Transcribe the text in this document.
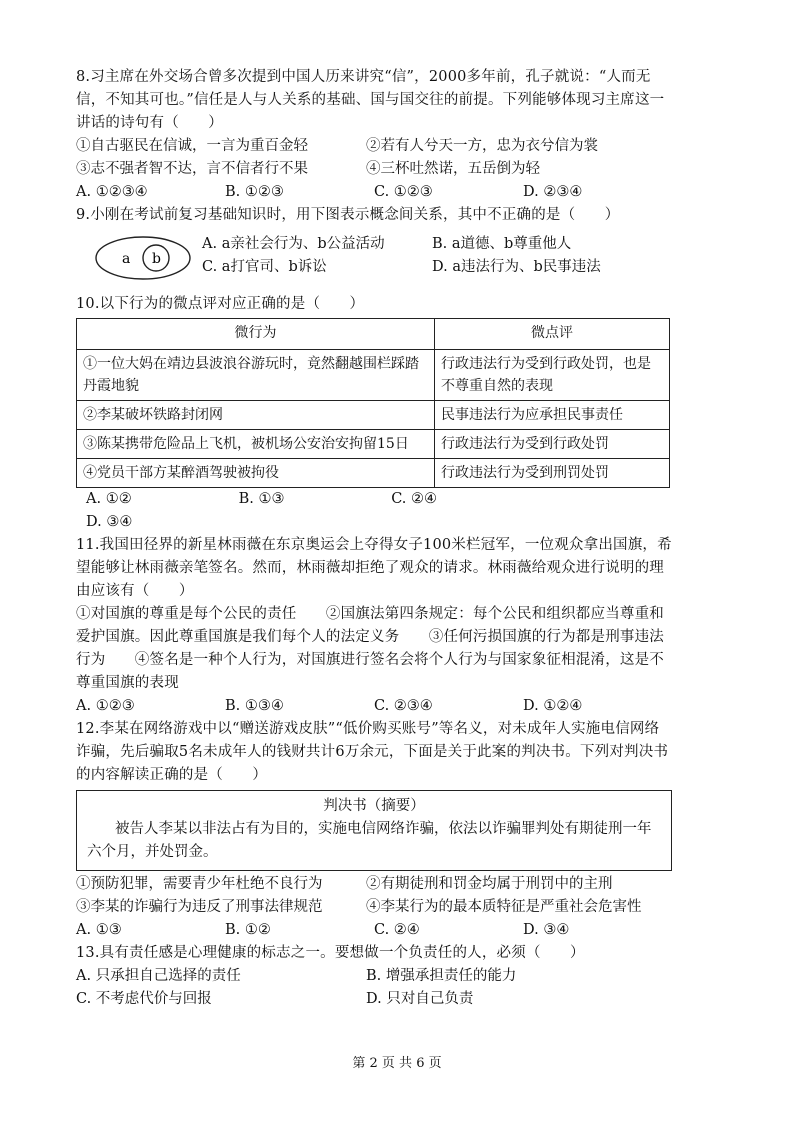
8.习主席在外交场合曾多次提到中国人历来讲究“信”，2000多年前，孔子就说：“人而无信，不知其可也。”信任是人与人关系的基础、国与国交往的前提。下列能够体现习主席这一讲话的诗句有（　　）

①自古驱民在信诚，一言为重百金轻	②若有人兮天一方，忠为衣兮信为裳
③志不强者智不达，言不信者行不果	④三杯吐然诺，五岳倒为轻
A. ①②③④	B. ①②③	C. ①②③	D. ②③④

9.小刚在考试前复习基础知识时，用下图表示概念间关系，其中不正确的是（　　）

a b
A. a亲社会行为、b公益活动	B. a道德、b尊重他人
C. a打官司、b诉讼	D. a违法行为、b民事违法

10.以下行为的微点评对应正确的是（　　）

微行为	微点评
①一位大妈在靖边县波浪谷游玩时，竟然翻越围栏踩踏丹霞地貌	行政违法行为受到行政处罚，也是不尊重自然的表现
②李某破坏铁路封闭网	民事违法行为应承担民事责任
③陈某携带危险品上飞机，被机场公安治安拘留15日	行政违法行为受到行政处罚
④党员干部方某醉酒驾驶被拘役	行政违法行为受到刑罚处罚
A. ①②	B. ①③	C. ②④ D. ③④

11.我国田径界的新星林雨薇在东京奥运会上夺得女子100米栏冠军，一位观众拿出国旗，希望能够让林雨薇亲笔签名。然而，林雨薇却拒绝了观众的请求。林雨薇给观众进行说明的理由应该有（　　）

①对国旗的尊重是每个公民的责任　　②国旗法第四条规定：每个公民和组织都应当尊重和爱护国旗。因此尊重国旗是我们每个人的法定义务　　③任何污损国旗的行为都是刑事违法行为　　④签名是一种个人行为，对国旗进行签名会将个人行为与国家象征相混淆，这是不尊重国旗的表现

A. ①②③	B. ①③④	C. ②③④	D. ①②④

12.李某在网络游戏中以“赠送游戏皮肤”“低价购买账号”等名义，对未成年人实施电信网络诈骗，先后骗取5名未成年人的钱财共计6万余元，下面是关于此案的判决书。下列对判决书的内容解读正确的是（　　）

判决书（摘要）

被告人李某以非法占有为目的，实施电信网络诈骗，依法以诈骗罪判处有期徒刑一年六个月，并处罚金。

①预防犯罪，需要青少年杜绝不良行为	②有期徒刑和罚金均属于刑罚中的主刑
③李某的诈骗行为违反了刑事法律规范	④李某行为的最本质特征是严重社会危害性
A. ①③	B. ①②	C. ②④	D. ③④

13.具有责任感是心理健康的标志之一。要想做一个负责任的人，必须（　　）

A. 只承担自己选择的责任	B. 增强承担责任的能力
C. 不考虑代价与回报	D. 只对自己负责
第 2 页 共 6 页
